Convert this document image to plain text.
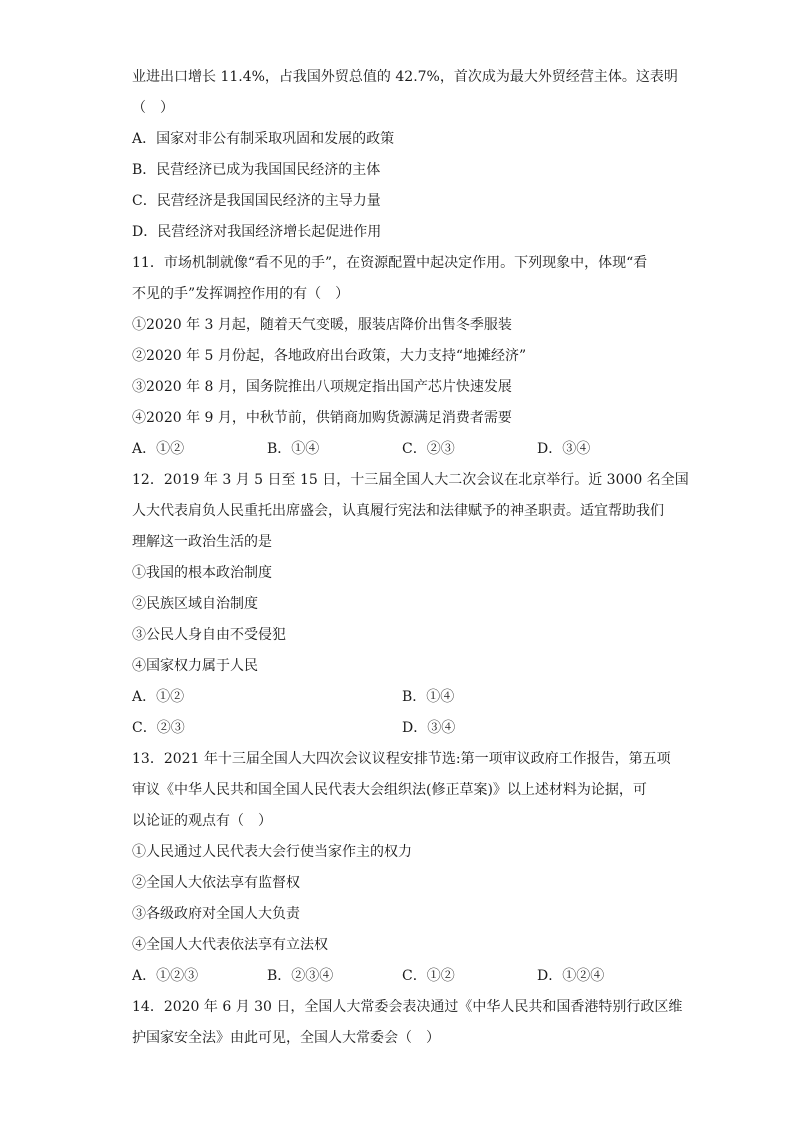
业进出口增长 11.4%，占我国外贸总值的 42.7%，首次成为最大外贸经营主体。这表明
（　）
A．国家对非公有制采取巩固和发展的政策
B．民营经济已成为我国国民经济的主体
C．民营经济是我国国民经济的主导力量
D．民营经济对我国经济增长起促进作用
11．市场机制就像“看不见的手”，在资源配置中起决定作用。下列现象中，体现“看
不见的手”发挥调控作用的有（　）
①2020 年 3 月起，随着天气变暖，服装店降价出售冬季服装
②2020 年 5 月份起，各地政府出台政策，大力支持“地摊经济”
③2020 年 8 月，国务院推出八项规定指出国产芯片快速发展
④2020 年 9 月，中秋节前，供销商加购货源满足消费者需要
A．①②	B．①④	C．②③	D．③④
12．2019 年 3 月 5 日至 15 日，十三届全国人大二次会议在北京举行。近 3000 名全国
人大代表肩负人民重托出席盛会，认真履行宪法和法律赋予的神圣职责。适宜帮助我们
理解这一政治生活的是
①我国的根本政治制度
②民族区域自治制度
③公民人身自由不受侵犯
④国家权力属于人民
A．①②	B．①④
C．②③	D．③④
13．2021 年十三届全国人大四次会议议程安排节选:第一项审议政府工作报告，第五项
审议《中华人民共和国全国人民代表大会组织法(修正草案)》以上述材料为论据，可
以论证的观点有（　）
①人民通过人民代表大会行使当家作主的权力
②全国人大依法享有监督权
③各级政府对全国人大负责
④全国人大代表依法享有立法权
A．①②③	B．②③④	C．①②	D．①②④
14．2020 年 6 月 30 日，全国人大常委会表决通过《中华人民共和国香港特别行政区维
护国家安全法》由此可见，全国人大常委会（　）
